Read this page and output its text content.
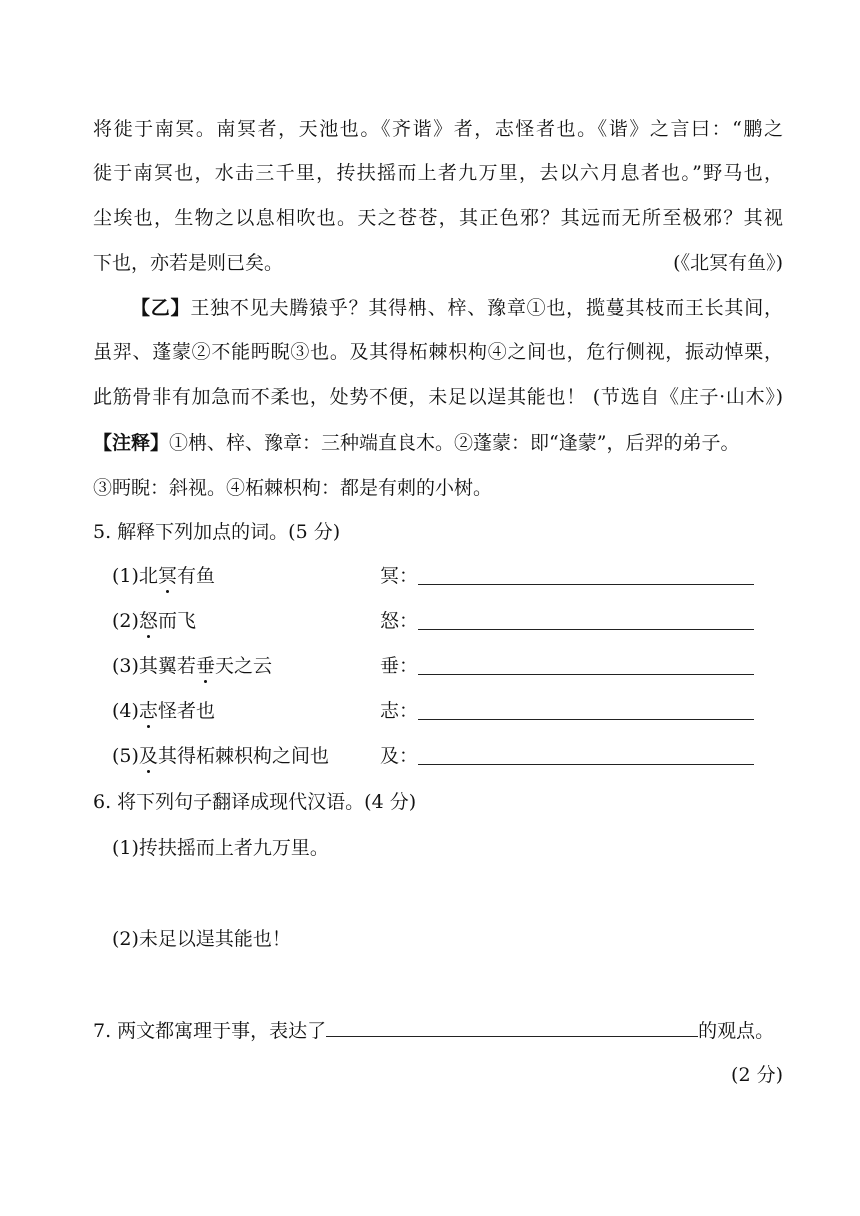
将徙于南冥。南冥者，天池也。《齐谐》者，志怪者也。《谐》之言曰：“鹏之
徙于南冥也，水击三千里，抟扶摇而上者九万里，去以六月息者也。”野马也，
尘埃也，生物之以息相吹也。天之苍苍，其正色邪？其远而无所至极邪？其视
下也，亦若是则已矣。	(《北冥有鱼》)
【乙】王独不见夫腾猿乎？其得柟、梓、豫章①也，揽蔓其枝而王长其间，
虽羿、蓬蒙②不能眄睨③也。及其得柘棘枳枸④之间也，危行侧视，振动悼栗，
此筋骨非有加急而不柔也，处势不便，未足以逞其能也！ (节选自《庄子·山木》)
【注释】①柟、梓、豫章：三种端直良木。②蓬蒙：即“逢蒙”，后羿的弟子。
③眄睨：斜视。④柘棘枳枸：都是有刺的小树。
5. 解释下列加点的词。(5 分)
(1)北冥有鱼	冥：
(2)怒而飞	怒：
(3)其翼若垂天之云	垂：
(4)志怪者也	志：
(5)及其得柘棘枳枸之间也	及：
6. 将下列句子翻译成现代汉语。(4 分)
(1)抟扶摇而上者九万里。
(2)未足以逞其能也！
7. 两文都寓理于事，表达了	的观点。
(2 分)
